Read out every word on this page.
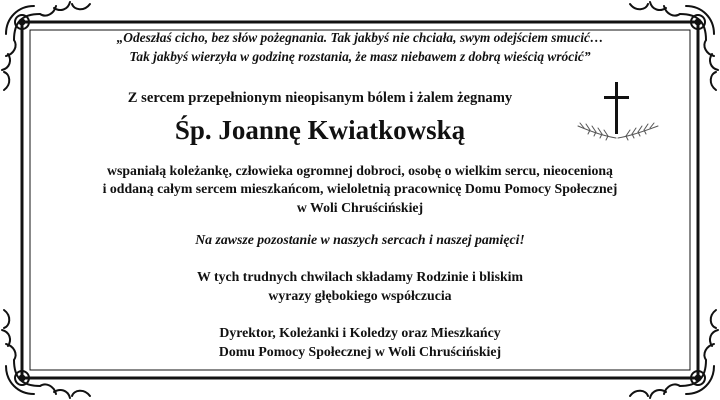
„Odeszłaś cicho, bez słów pożegnania. Tak jakbyś nie chciała, swym odejściem smucić…
Tak jakbyś wierzyła w godzinę rozstania, że masz niebawem z dobrą wieścią wrócić”
Z sercem przepełnionym nieopisanym bólem i żalem żegnamy
Śp. Joannę Kwiatkowską
wspaniałą koleżankę, człowieka ogromnej dobroci, osobę o wielkim sercu, nieocenioną
i oddaną całym sercem mieszkańcom, wieloletnią pracownicę Domu Pomocy Społecznej
w Woli Chruścińskiej
Na zawsze pozostanie w naszych sercach i naszej pamięci!
W tych trudnych chwilach składamy Rodzinie i bliskim
wyrazy głębokiego współczucia
Dyrektor, Koleżanki i Koledzy oraz Mieszkańcy
Domu Pomocy Społecznej w Woli Chruścińskiej
